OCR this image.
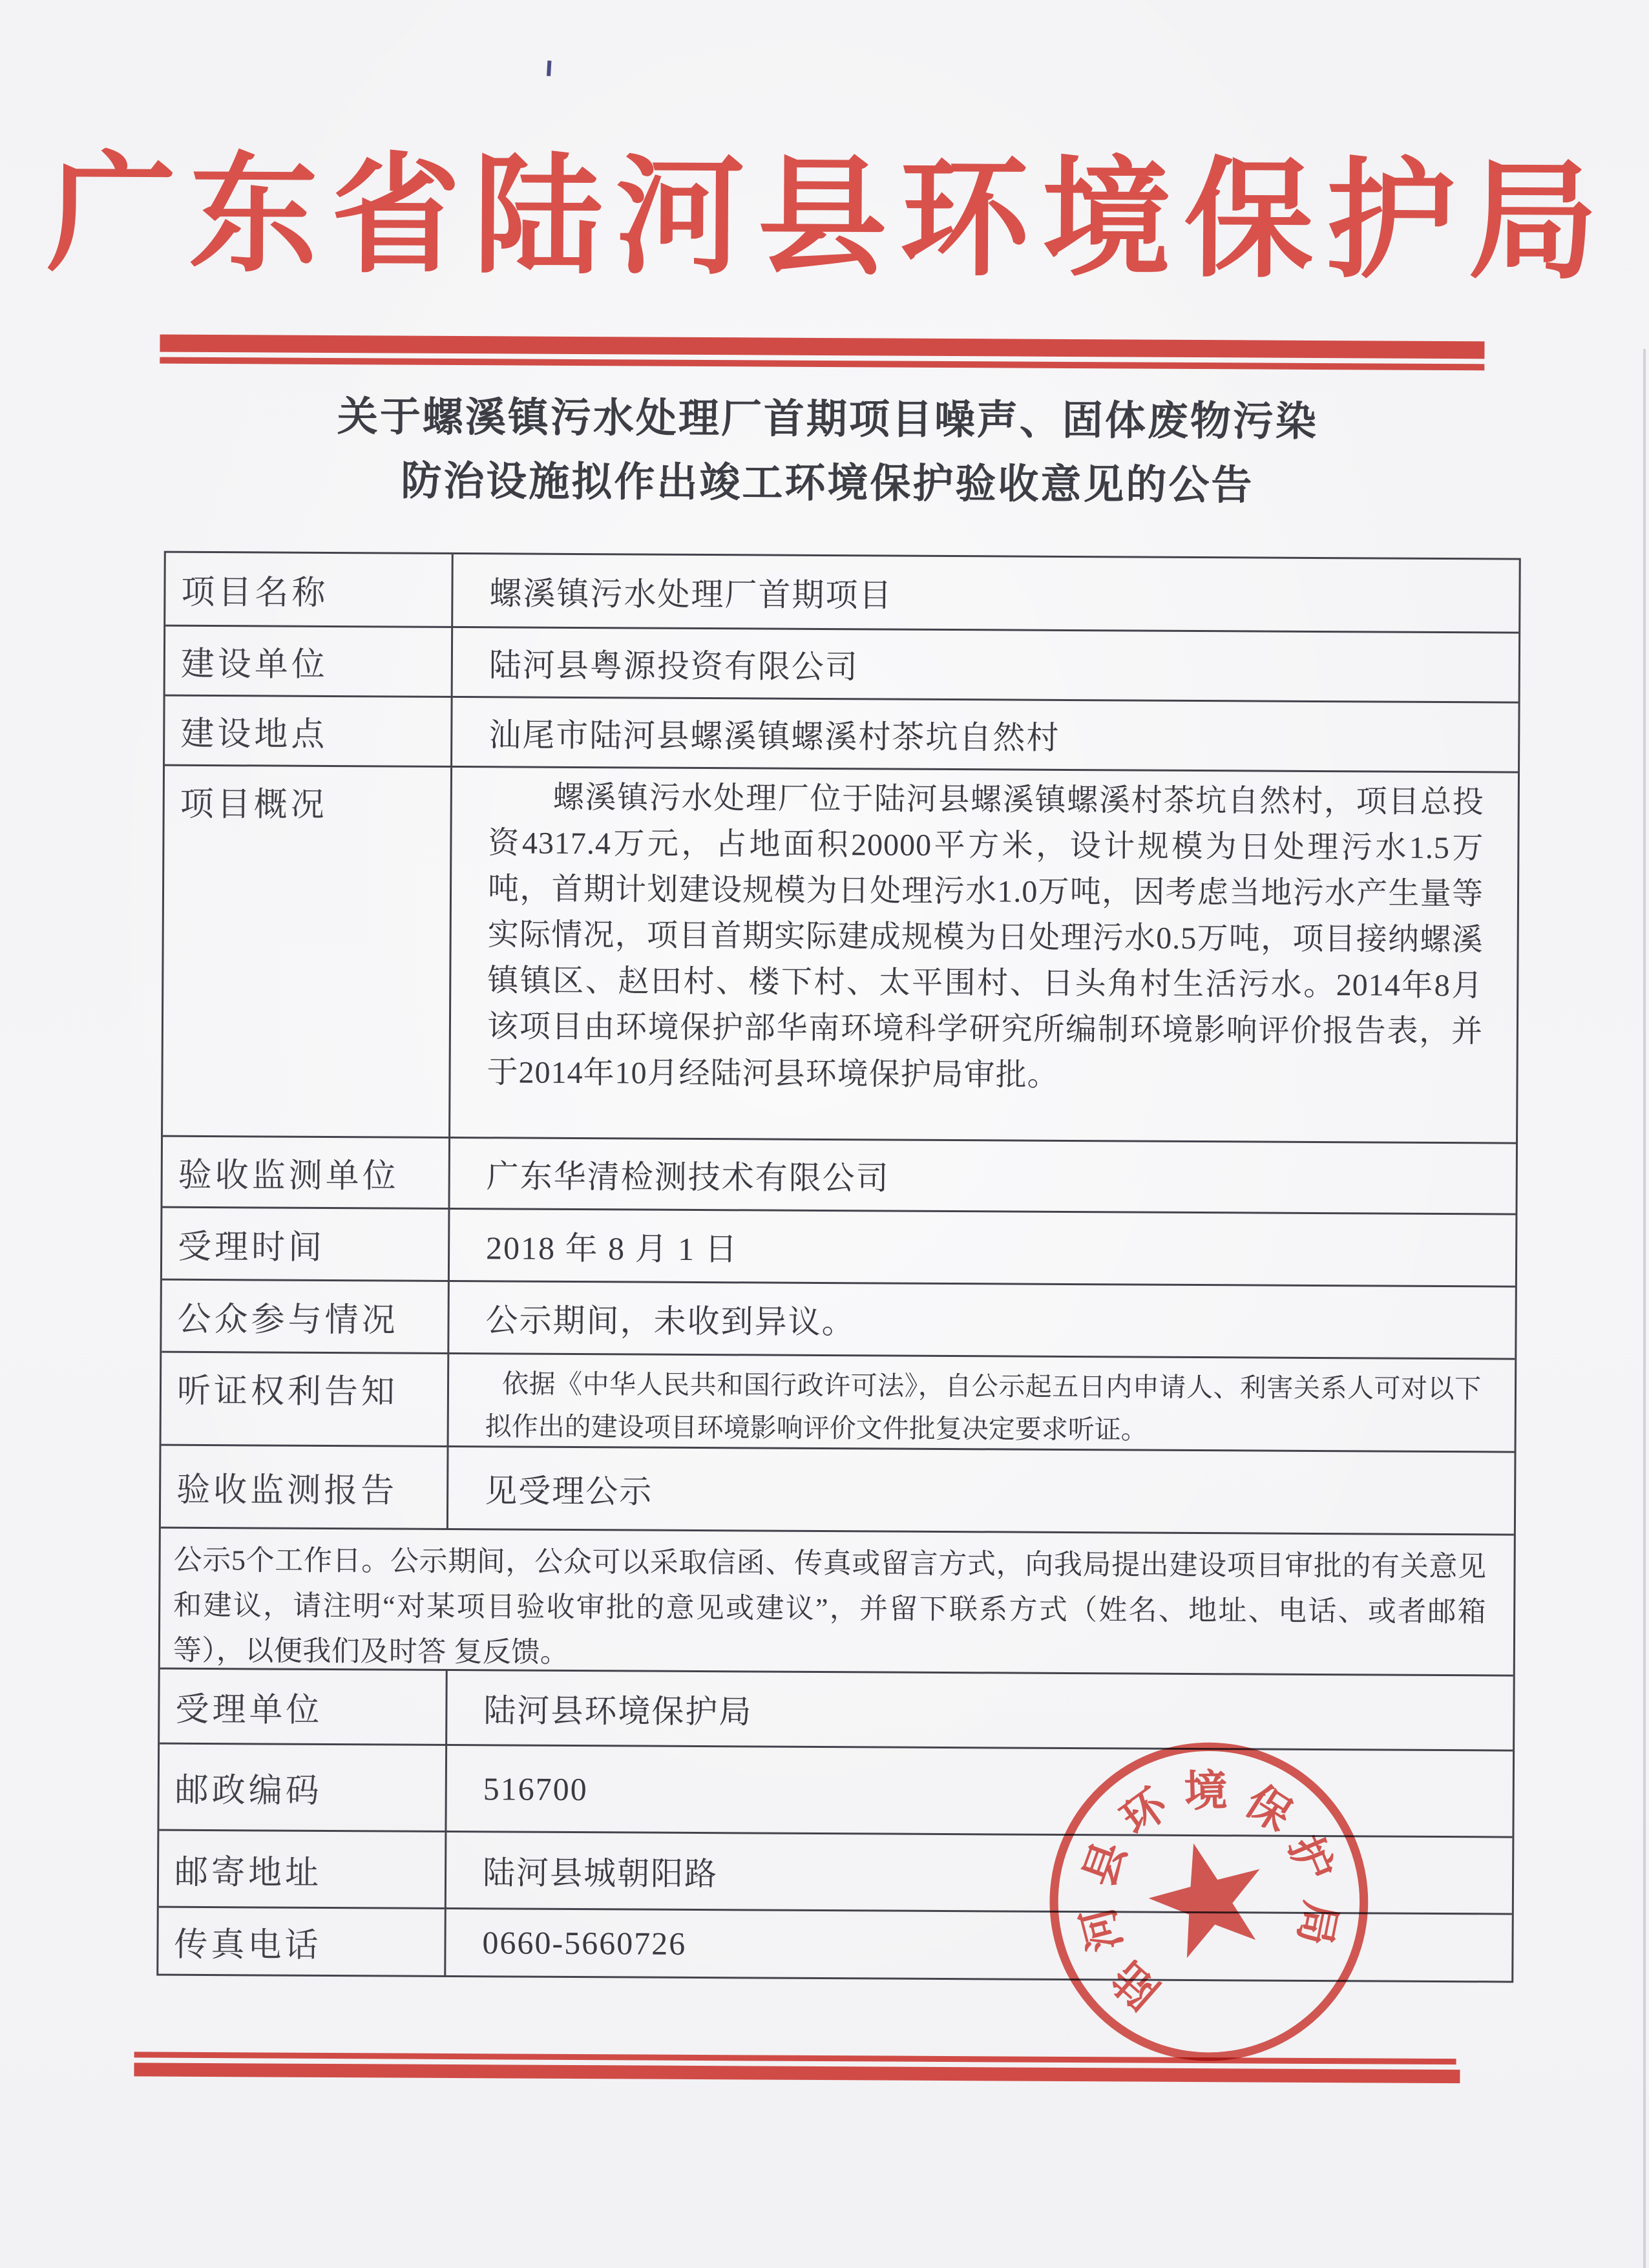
广东省陆河县环境保护局
关于螺溪镇污水处理厂首期项目噪声、固体废物污染
防治设施拟作出竣工环境保护验收意见的公告
项目名称	螺溪镇污水处理厂首期项目
建设单位	陆河县粤源投资有限公司
建设地点	汕尾市陆河县螺溪镇螺溪村茶坑自然村
项目概况	螺溪镇污水处理厂位于陆河县螺溪镇螺溪村茶坑自然村，项目总投资4317.4万元，占地面积20000平方米，设计规模为日处理污水1.5万吨，首期计划建设规模为日处理污水1.0万吨，因考虑当地污水产生量等实际情况，项目首期实际建成规模为日处理污水0.5万吨，项目接纳螺溪镇镇区、赵田村、楼下村、太平围村、日头角村生活污水。2014年8月该项目由环境保护部华南环境科学研究所编制环境影响评价报告表，并于2014年10月经陆河县环境保护局审批。
验收监测单位	广东华清检测技术有限公司
受理时间	2018 年 8 月 1 日
公众参与情况	公示期间，未收到异议。
听证权利告知	依据《中华人民共和国行政许可法》，自公示起五日内申请人、利害关系人可对以下拟作出的建设项目环境影响评价文件批复决定要求听证。
验收监测报告	见受理公示
公示5个工作日。公示期间，公众可以采取信函、传真或留言方式，向我局提出建设项目审批的有关意见和建议，请注明“对某项目验收审批的意见或建议”，并留下联系方式（姓名、地址、电话、或者邮箱等），以便我们及时答 复反馈。
受理单位	陆河县环境保护局
邮政编码	516700
邮寄地址	陆河县城朝阳路
传真电话	0660-5660726
陆
河
县
环 境 保
护
局
